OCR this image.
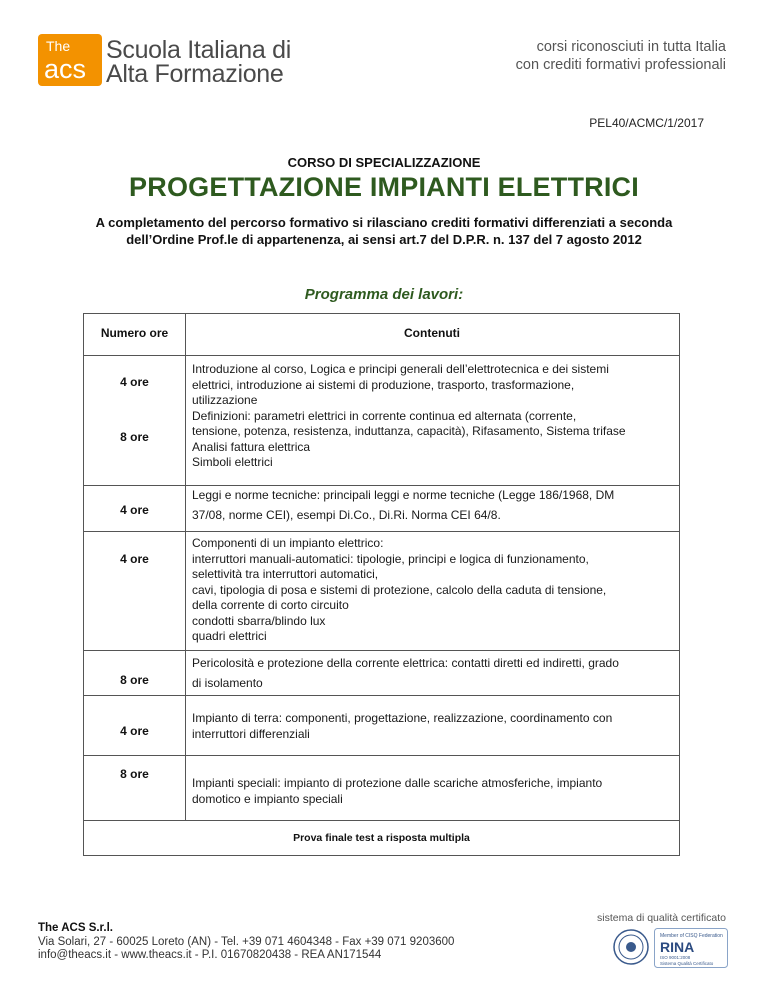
The
acs
Scuola Italiana di
Alta Formazione
corsi riconosciuti in tutta Italia
con crediti formativi professionali
PEL40/ACMC/1/2017
CORSO DI SPECIALIZZAZIONE
PROGETTAZIONE IMPIANTI ELETTRICI
A completamento del percorso formativo si rilasciano crediti formativi differenziati a seconda
dell’Ordine Prof.le di appartenenza, ai sensi art.7 del D.P.R. n. 137 del 7 agosto 2012
Programma dei lavori:
Numero ore	Contenuti
4 ore
8 ore
4 ore
4 ore
8 ore
4 ore
8 ore
Introduzione al corso, Logica e principi generali dell’elettrotecnica e dei sistemi
elettrici, introduzione ai sistemi di produzione, trasporto, trasformazione,
utilizzazione
Definizioni: parametri elettrici in corrente continua ed alternata (corrente,
tensione, potenza, resistenza, induttanza, capacità), Rifasamento, Sistema trifase
Analisi fattura elettrica
Simboli elettrici
Leggi e norme tecniche: principali leggi e norme tecniche (Legge 186/1968, DM
37/08, norme CEI), esempi Di.Co., Di.Ri. Norma CEI 64/8.
Componenti di un impianto elettrico:
interruttori manuali-automatici: tipologie, principi e logica di funzionamento,
selettività tra interruttori automatici,
cavi, tipologia di posa e sistemi di protezione, calcolo della caduta di tensione,
della corrente di corto circuito
condotti sbarra/blindo lux
quadri elettrici
Pericolosità e protezione della corrente elettrica: contatti diretti ed indiretti, grado
di isolamento
Impianto di terra: componenti, progettazione, realizzazione, coordinamento con
interruttori differenziali
Impianti speciali: impianto di protezione dalle scariche atmosferiche, impianto
domotico e impianto speciali
Prova finale test a risposta multipla
The ACS S.r.l.
Via Solari, 27 - 60025 Loreto (AN) - Tel. +39 071 4604348 - Fax +39 071 9203600
info@theacs.it - www.theacs.it - P.I. 01670820438 - REA AN171544
sistema di qualità certificato
Member of CISQ Federation
RINA
ISO 9001:2008
Sistema Qualità Certificato
